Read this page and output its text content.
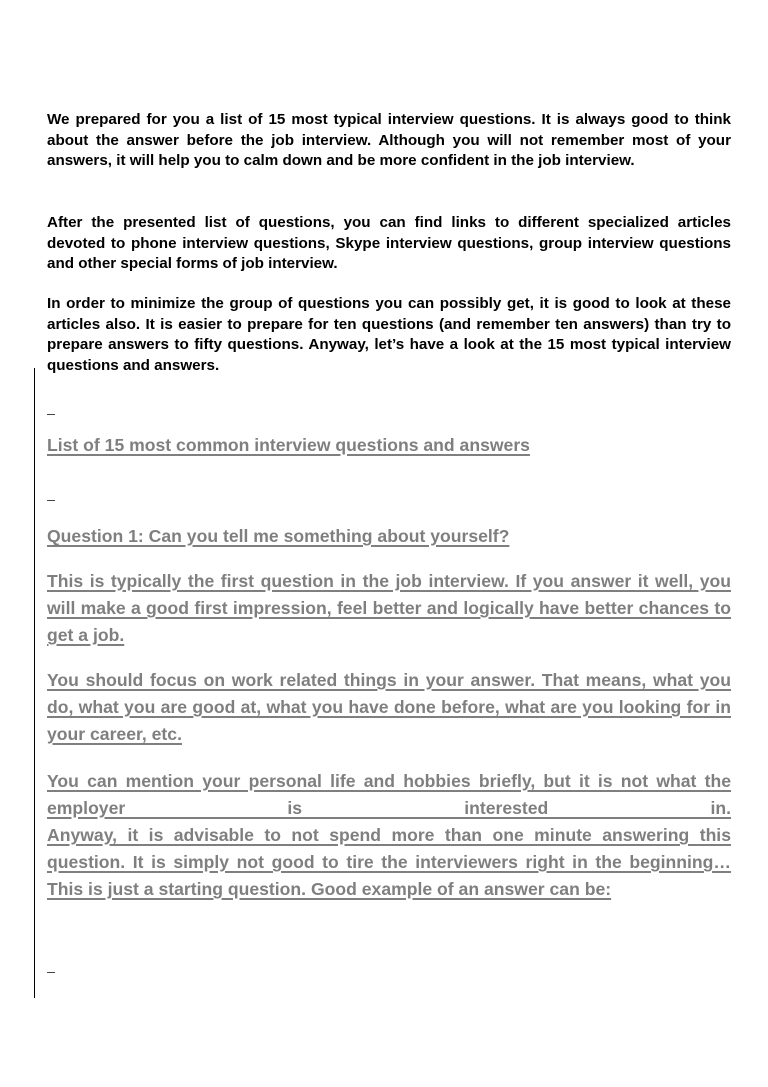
We prepared for you a list of 15 most typical interview questions. It is always good to think about the answer before the job interview. Although you will not remember most of your answers, it will help you to calm down and be more confident in the job interview.

After the presented list of questions, you can find links to different specialized articles devoted to phone interview questions, Skype interview questions, group interview questions and other special forms of job interview.

In order to minimize the group of questions you can possibly get, it is good to look at these articles also. It is easier to prepare for ten questions (and remember ten answers) than try to prepare answers to fifty questions. Anyway, let’s have a look at the 15 most typical interview questions and answers.

List of 15 most common interview questions and answers

Question 1: Can you tell me something about yourself?

This is typically the first question in the job interview. If you answer it well, you will make a good first impression, feel better and logically have better chances to get a job.

You should focus on work related things in your answer. That means, what you do, what you are good at, what you have done before, what are you looking for in your career, etc.

You can mention your personal life and hobbies briefly, but it is not what the employer is interested in.
Anyway, it is advisable to not spend more than one minute answering this question. It is simply not good to tire the interviewers right in the beginning… This is just a starting question. Good example of an answer can be:
